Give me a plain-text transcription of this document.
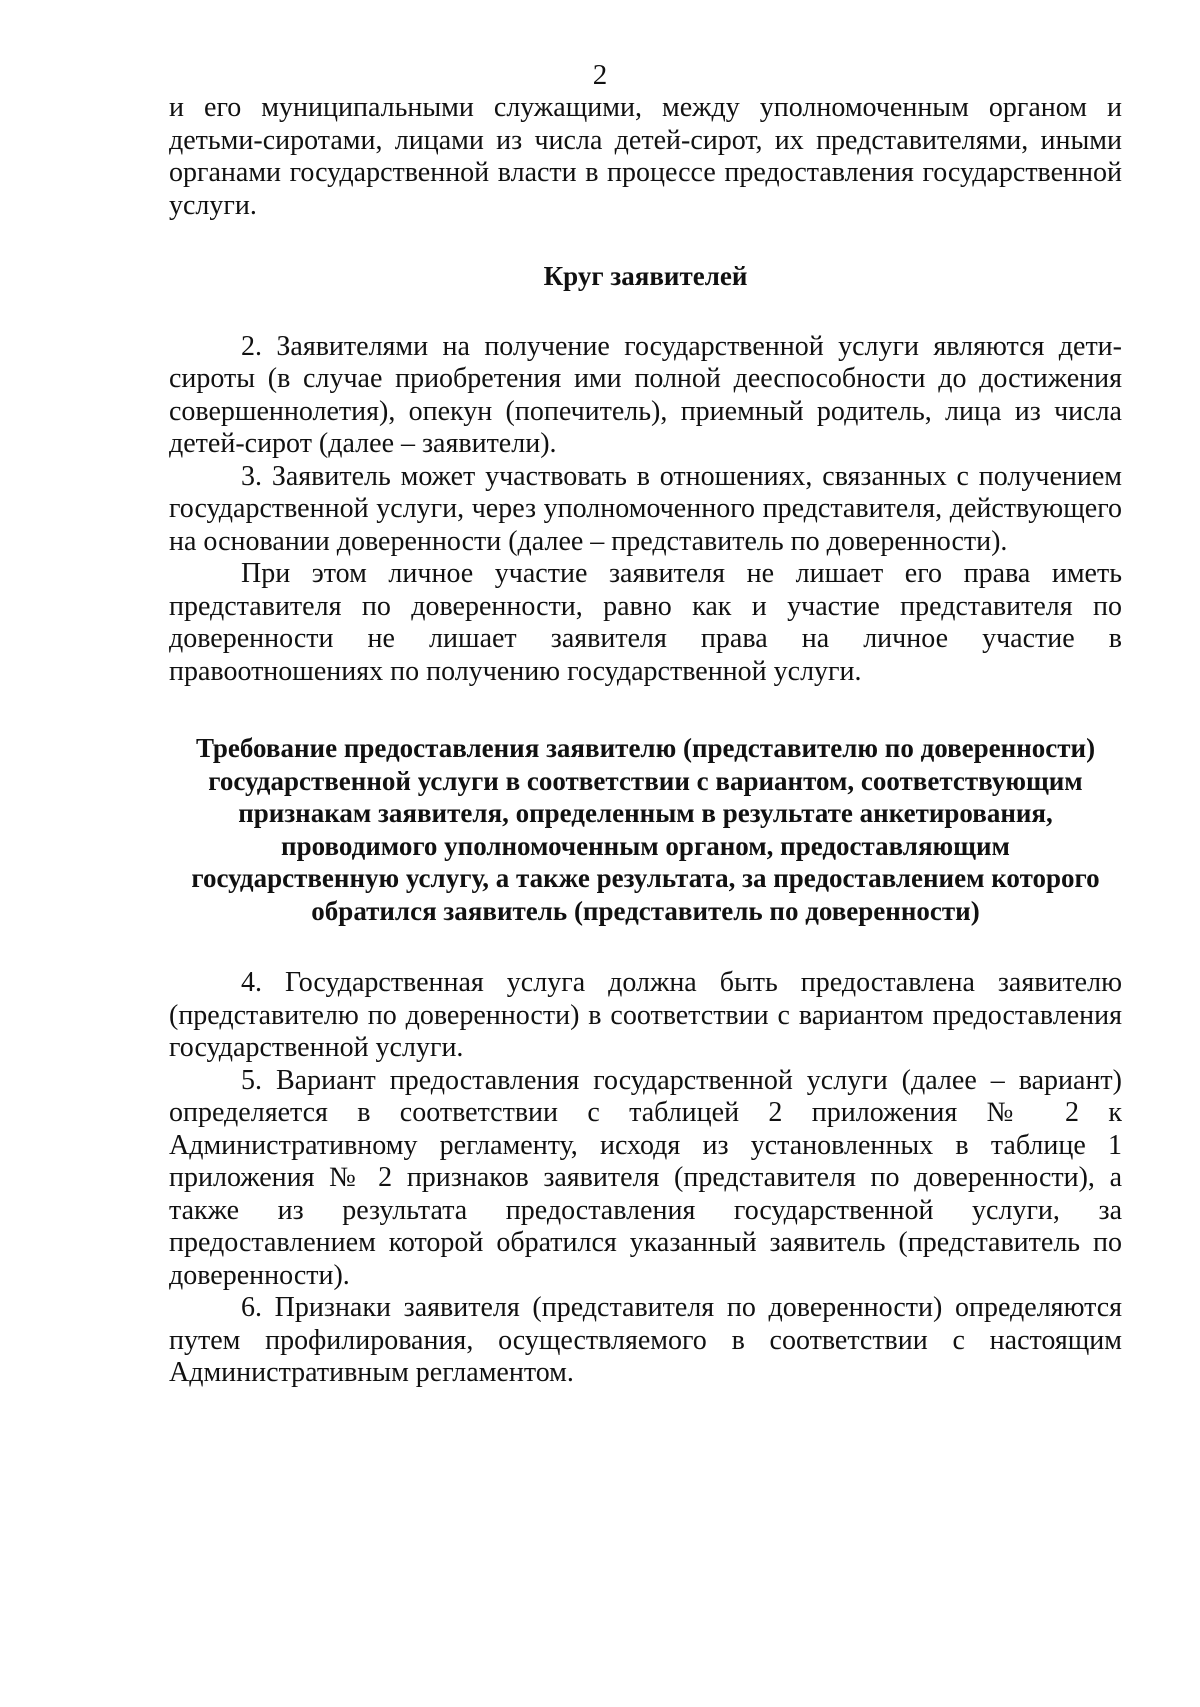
2

и его муниципальными служащими, между уполномоченным органом и детьми-сиротами, лицами из числа детей-сирот, их представителями, иными органами государственной власти в процессе предоставления государственной услуги.

Круг заявителей

2. Заявителями на получение государственной услуги являются дети-сироты (в случае приобретения ими полной дееспособности до достижения совершеннолетия), опекун (попечитель), приемный родитель, лица из числа детей-сирот (далее – заявители).

3. Заявитель может участвовать в отношениях, связанных с получением государственной услуги, через уполномоченного представителя, действующего на основании доверенности (далее – представитель по доверенности).

При этом личное участие заявителя не лишает его права иметь представителя по доверенности, равно как и участие представителя по доверенности не лишает заявителя права на личное участие в правоотношениях по получению государственной услуги.

Требование предоставления заявителю (представителю по доверенности) государственной услуги в соответствии с вариантом, соответствующим признакам заявителя, определенным в результате анкетирования, проводимого уполномоченным органом, предоставляющим государственную услугу, а также результата, за предоставлением которого обратился заявитель (представитель по доверенности)

4. Государственная услуга должна быть предоставлена заявителю (представителю по доверенности) в соответствии с вариантом предоставления государственной услуги.

5. Вариант предоставления государственной услуги (далее – вариант) определяется в соответствии с таблицей 2 приложения № 2 к Административному регламенту, исходя из установленных в таблице 1 приложения № 2 признаков заявителя (представителя по доверенности), а также из результата предоставления государственной услуги, за предоставлением которой обратился указанный заявитель (представитель по доверенности).

6. Признаки заявителя (представителя по доверенности) определяются путем профилирования, осуществляемого в соответствии с настоящим Административным регламентом.
